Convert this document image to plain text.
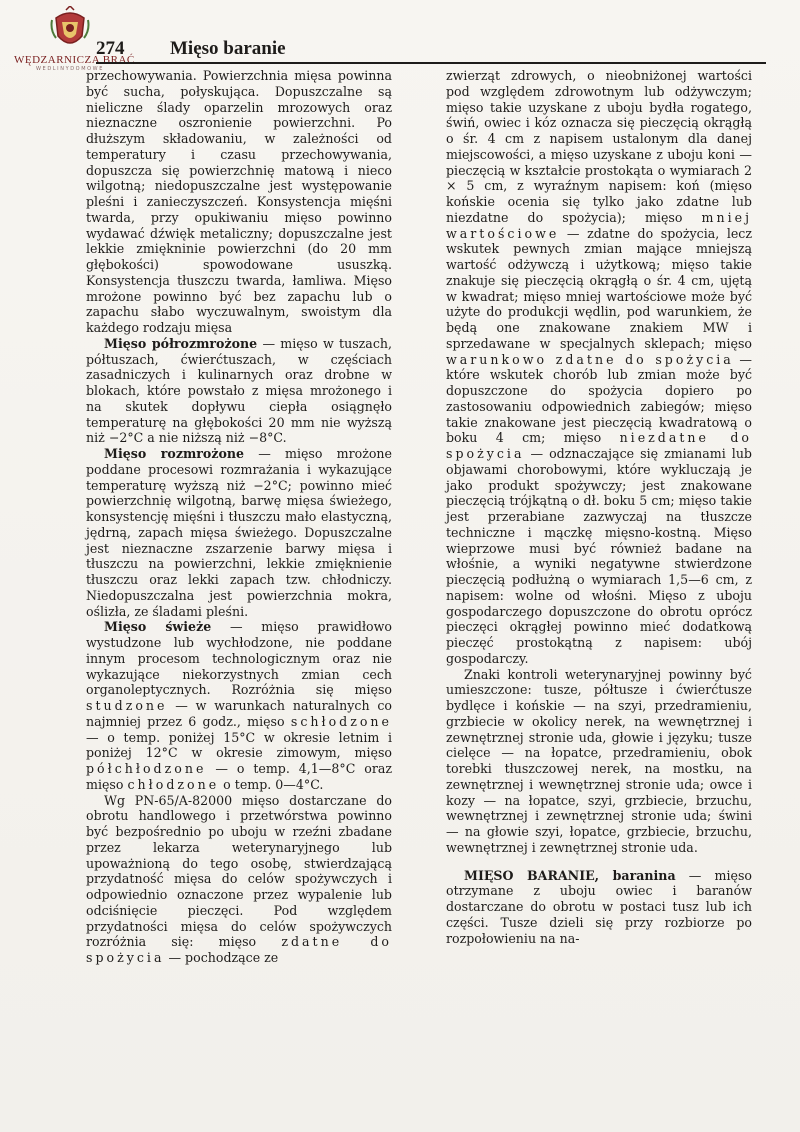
WĘDZARNICZA BRAĆ
WEDLINYDOMOWE
274 Mięso baranie

przechowywania. Powierzchnia mięsa powinna być sucha, połyskująca. Dopuszczalne są nieliczne ślady oparzelin mrozowych oraz nieznaczne oszronienie powierzchni. Po dłuższym składowaniu, w zależności od temperatury i czasu przechowywania, dopuszcza się powierzchnię matową i nieco wilgotną; niedopuszczalne jest występowanie pleśni i zanieczyszczeń. Konsystencja mięśni twarda, przy opukiwaniu mięso powinno wydawać dźwięk metaliczny; dopuszczalne jest lekkie zmiękninie powierzchni (do 20 mm głębokości) spowodowane ususzką. Konsystencja tłuszczu twarda, łamliwa. Mięso mrożone powinno być bez zapachu lub o zapachu słabo wyczuwalnym, swoistym dla każdego rodzaju mięsa

Mięso półrozmrożone — mięso w tuszach, półtuszach, ćwierćtuszach, w częściach zasadniczych i kulinarnych oraz drobne w blokach, które powstało z mięsa mrożonego i na skutek dopływu ciepła osiągnęło temperaturę na głębokości 20 mm nie wyższą niż −2°C a nie niższą niż −8°C.

Mięso rozmrożone — mięso mrożone poddane procesowi rozmrażania i wykazujące temperaturę wyższą niż −2°C; powinno mieć powierzchnię wilgotną, barwę mięsa świeżego, konsystencję mięśni i tłuszczu mało elastyczną, jędrną, zapach mięsa świeżego. Dopuszczalne jest nieznaczne zszarzenie barwy mięsa i tłuszczu na powierzchni, lekkie zmięknienie tłuszczu oraz lekki zapach tzw. chłodniczy. Niedopuszczalna jest powierzchnia mokra, oślizła, ze śladami pleśni.

Mięso świeże — mięso prawidłowo wystudzone lub wychłodzone, nie poddane innym procesom technologicznym oraz nie wykazujące niekorzystnych zmian cech organoleptycznych. Rozróżnia się mięso studzone — w warunkach naturalnych co najmniej przez 6 godz., mięso schłodzone — o temp. poniżej 15°C w okresie letnim i poniżej 12°C w okresie zimowym, mięso półchłodzone — o temp. 4,1—8°C oraz mięso chłodzone o temp. 0—4°C.

Wg PN-65/A-82000 mięso dostarczane do obrotu handlowego i przetwórstwa powinno być bezpośrednio po uboju w rzeźni zbadane przez lekarza weterynaryjnego lub upoważnioną do tego osobę, stwierdzającą przydatność mięsa do celów spożywczych i odpowiednio oznaczone przez wypalenie lub odciśnięcie pieczęci. Pod względem przydatności mięsa do celów spożywczych rozróżnia się: mięso zdatne do spożycia — pochodzące ze

zwierząt zdrowych, o nieobniżonej wartości pod względem zdrowotnym lub odżywczym; mięso takie uzyskane z uboju bydła rogatego, świń, owiec i kóz oznacza się pieczęcią okrągłą o śr. 4 cm z napisem ustalonym dla danej miejscowości, a mięso uzyskane z uboju koni — pieczęcią w kształcie prostokąta o wymiarach 2 × 5 cm, z wyraźnym napisem: koń (mięso końskie ocenia się tylko jako zdatne lub niezdatne do spożycia); mięso mniej wartościowe — zdatne do spożycia, lecz wskutek pewnych zmian mające mniejszą wartość odżywczą i użytkową; mięso takie znakuje się pieczęcią okrągłą o śr. 4 cm, ujętą w kwadrat; mięso mniej wartościowe może być użyte do produkcji wędlin, pod warunkiem, że będą one znakowane znakiem MW i sprzedawane w specjalnych sklepach; mięso warunkowo zdatne do spożycia — które wskutek chorób lub zmian może być dopuszczone do spożycia dopiero po zastosowaniu odpowiednich zabiegów; mięso takie znakowane jest pieczęcią kwadratową o boku 4 cm; mięso niezdatne do spożycia — odznaczające się zmianami lub objawami chorobowymi, które wykluczają je jako produkt spożywczy; jest znakowane pieczęcią trójkątną o dł. boku 5 cm; mięso takie jest przerabiane zazwyczaj na tłuszcze techniczne i mączkę mięsno-kostną. Mięso wieprzowe musi być również badane na włośnie, a wyniki negatywne stwierdzone pieczęcią podłużną o wymiarach 1,5—6 cm, z napisem: wolne od włośni. Mięso z uboju gospodarczego dopuszczone do obrotu oprócz pieczęci okrągłej powinno mieć dodatkową pieczęć prostokątną z napisem: ubój gospodarczy.

Znaki kontroli weterynaryjnej powinny być umieszczone: tusze, półtusze i ćwierćtusze bydlęce i końskie — na szyi, przedramieniu, grzbiecie w okolicy nerek, na wewnętrznej i zewnętrznej stronie uda, głowie i języku; tusze cielęce — na łopatce, przedramieniu, obok torebki tłuszczowej nerek, na mostku, na zewnętrznej i wewnętrznej stronie uda; owce i kozy — na łopatce, szyi, grzbiecie, brzuchu, wewnętrznej i zewnętrznej stronie uda; świni — na głowie szyi, łopatce, grzbiecie, brzuchu, wewnętrznej i zewnętrznej stronie uda.

MIĘSO BARANIE, baranina — mięso otrzymane z uboju owiec i baranów dostarczane do obrotu w postaci tusz lub ich części. Tusze dzieli się przy rozbiorze po rozpołowieniu na na-
